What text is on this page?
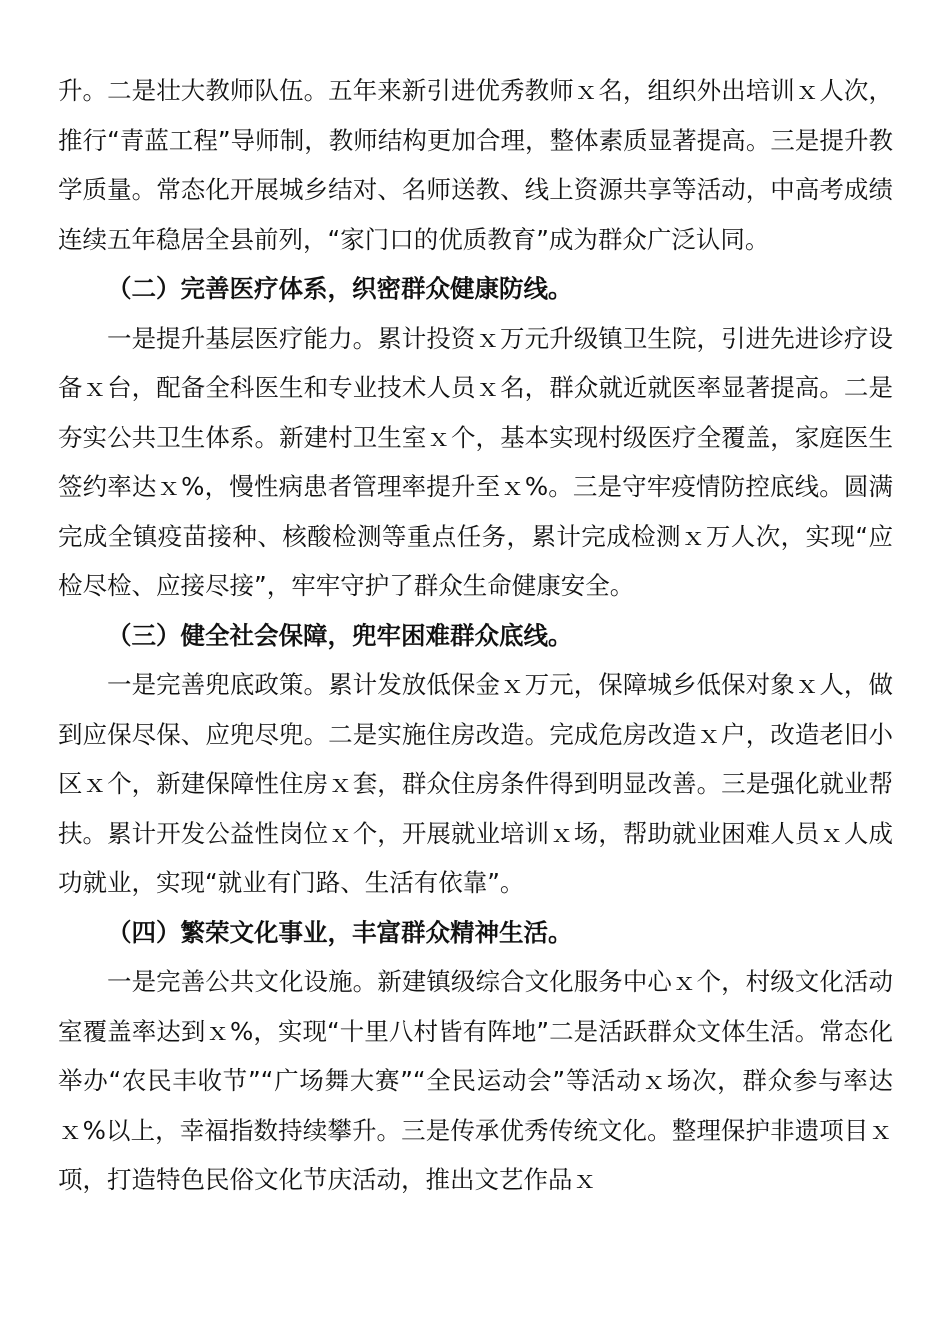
升。二是壮大教师队伍。五年来新引进优秀教师ｘ名，组织外出培训ｘ人次，推行“青蓝工程”导师制，教师结构更加合理，整体素质显著提高。三是提升教学质量。常态化开展城乡结对、名师送教、线上资源共享等活动，中高考成绩连续五年稳居全县前列，“家门口的优质教育”成为群众广泛认同。

（二）完善医疗体系，织密群众健康防线。

一是提升基层医疗能力。累计投资ｘ万元升级镇卫生院，引进先进诊疗设备ｘ台，配备全科医生和专业技术人员ｘ名，群众就近就医率显著提高。二是夯实公共卫生体系。新建村卫生室ｘ个，基本实现村级医疗全覆盖，家庭医生签约率达ｘ%，慢性病患者管理率提升至ｘ%。三是守牢疫情防控底线。圆满完成全镇疫苗接种、核酸检测等重点任务，累计完成检测ｘ万人次，实现“应检尽检、应接尽接”，牢牢守护了群众生命健康安全。

（三）健全社会保障，兜牢困难群众底线。

一是完善兜底政策。累计发放低保金ｘ万元，保障城乡低保对象ｘ人，做到应保尽保、应兜尽兜。二是实施住房改造。完成危房改造ｘ户，改造老旧小区ｘ个，新建保障性住房ｘ套，群众住房条件得到明显改善。三是强化就业帮扶。累计开发公益性岗位ｘ个，开展就业培训ｘ场，帮助就业困难人员ｘ人成功就业，实现“就业有门路、生活有依靠”。

（四）繁荣文化事业，丰富群众精神生活。

一是完善公共文化设施。新建镇级综合文化服务中心ｘ个，村级文化活动室覆盖率达到ｘ%，实现“十里八村皆有阵地”二是活跃群众文体生活。常态化举办“农民丰收节”“广场舞大赛”“全民运动会”等活动ｘ场次，群众参与率达ｘ%以上，幸福指数持续攀升。三是传承优秀传统文化。整理保护非遗项目ｘ项，打造特色民俗文化节庆活动，推出文艺作品ｘ
